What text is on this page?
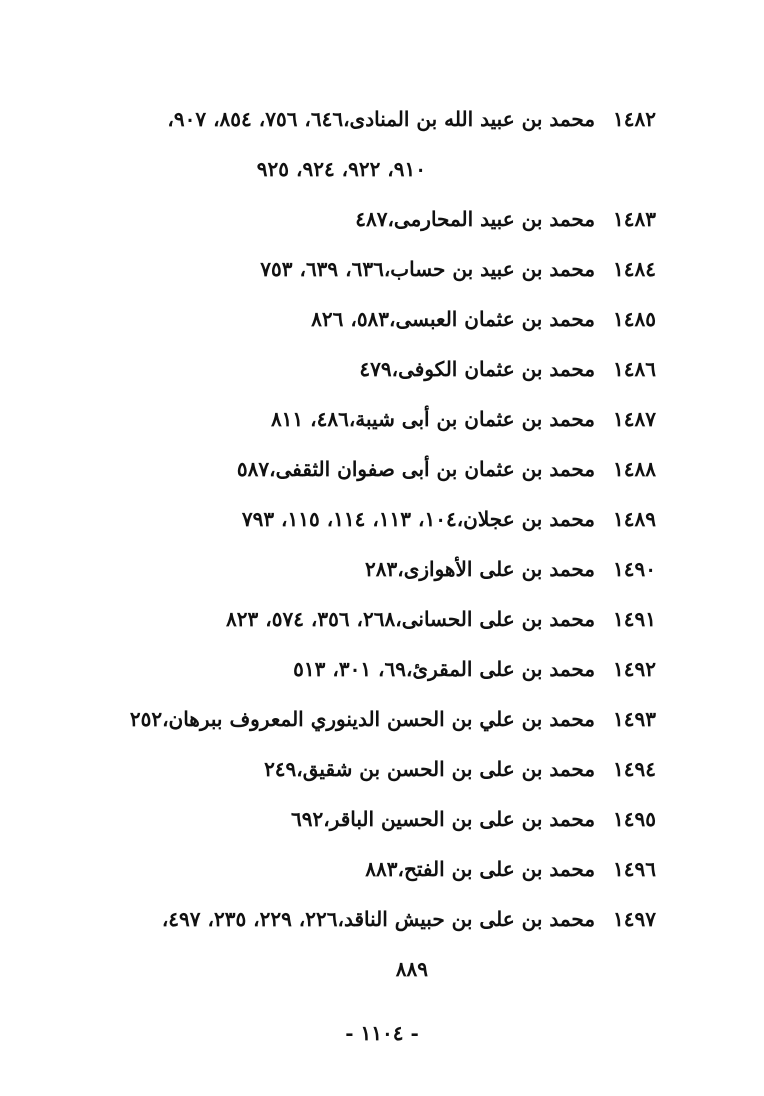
١٤٨٢محمد بن عبيد الله بن المنادى،٦٤٦، ٧٥٦، ٨٥٤، ٩٠٧،
٩١٠، ٩٢٢، ٩٢٤، ٩٢٥
١٤٨٣محمد بن عبيد المحارمى،٤٨٧
١٤٨٤محمد بن عبيد بن حساب،٦٣٦، ٦٣٩، ٧٥٣
١٤٨٥محمد بن عثمان العبسى،٥٨٣، ٨٢٦
١٤٨٦محمد بن عثمان الكوفى،٤٧٩
١٤٨٧محمد بن عثمان بن أبى شيبة،٤٨٦، ٨١١
١٤٨٨محمد بن عثمان بن أبى صفوان الثقفى،٥٨٧
١٤٨٩محمد بن عجلان،١٠٤، ١١٣، ١١٤، ١١٥، ٧٩٣
١٤٩٠محمد بن على الأهوازى،٢٨٣
١٤٩١محمد بن على الحسانى،٢٦٨، ٣٥٦، ٥٧٤، ٨٢٣
١٤٩٢محمد بن على المقرئ،٦٩، ٣٠١، ٥١٣
١٤٩٣محمد بن علي بن الحسن الدينوري المعروف ببرهان،٢٥٢
١٤٩٤محمد بن على بن الحسن بن شقيق،٢٤٩
١٤٩٥محمد بن على بن الحسين الباقر،٦٩٢
١٤٩٦محمد بن على بن الفتح،٨٨٣
١٤٩٧محمد بن على بن حبيش الناقد،٢٢٦، ٢٢٩، ٢٣٥، ٤٩٧،
٨٨٩
- ١١٠٤ -
